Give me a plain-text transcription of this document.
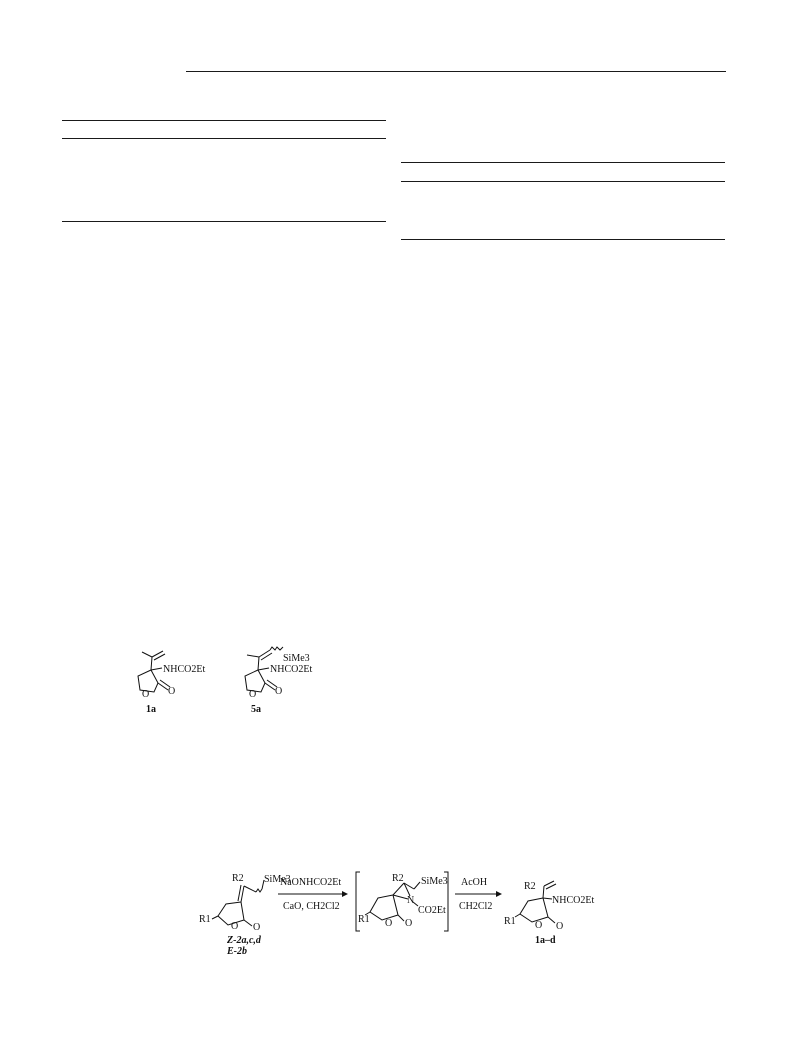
NHCO2Et
O
O
1a
SiMe3
NHCO2Et
O
O
5a
R2 SiMe3
R1
O O
Z-2a,c,d
E-2b
NaONHCO2Et
CaO, CH2Cl2
R2 SiMe3
N
CO2Et
R1 O O
AcOH
CH2Cl2
R2
NHCO2Et
R1 O O
1a–d
